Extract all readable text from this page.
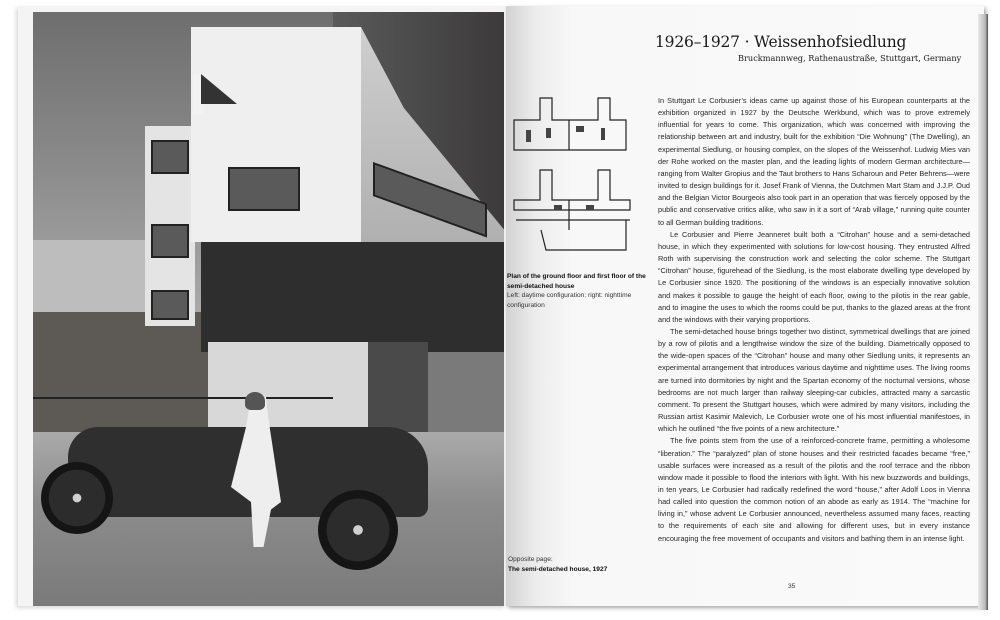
Plan of the ground floor and first floor of the semi-detached house
Left: daytime configuration; right: nighttime configuration
Opposite page:
The semi-detached house, 1927
1926–1927 · Weissenhofsiedlung
Bruckmannweg, Rathenaustraße, Stuttgart, Germany

In Stuttgart Le Corbusier’s ideas came up against those of his European counterparts at the exhibition organized in 1927 by the Deutsche Werkbund, which was to prove extremely influential for years to come. This organization, which was concerned with improving the relationship between art and industry, built for the exhibition “Die Wohnung” (The Dwelling), an experimental Siedlung, or housing complex, on the slopes of the Weissenhof. Ludwig Mies van der Rohe worked on the master plan, and the leading lights of modern German architecture—ranging from Walter Gropius and the Taut brothers to Hans Scharoun and Peter Behrens—were invited to design buildings for it. Josef Frank of Vienna, the Dutchmen Mart Stam and J.J.P. Oud and the Belgian Victor Bourgeois also took part in an operation that was fiercely opposed by the public and conservative critics alike, who saw in it a sort of “Arab village,” running quite counter to all German building traditions.

Le Corbusier and Pierre Jeanneret built both a “Citrohan” house and a semi-detached house, in which they experimented with solutions for low-cost housing. They entrusted Alfred Roth with supervising the construction work and selecting the color scheme. The Stuttgart “Citrohan” house, figurehead of the Siedlung, is the most elaborate dwelling type developed by Le Corbusier since 1920. The positioning of the windows is an especially innovative solution and makes it possible to gauge the height of each floor, owing to the pilotis in the rear gable, and to imagine the uses to which the rooms could be put, thanks to the glazed areas at the front and the windows with their varying proportions.

The semi-detached house brings together two distinct, symmetrical dwellings that are joined by a row of pilotis and a lengthwise window the size of the building. Diametrically opposed to the wide-open spaces of the “Citrohan” house and many other Siedlung units, it represents an experimental arrangement that introduces various daytime and nighttime uses. The living rooms are turned into dormitories by night and the Spartan economy of the nocturnal versions, whose bedrooms are not much larger than railway sleeping-car cubicles, attracted many a sarcastic comment. To present the Stuttgart houses, which were admired by many visitors, including the Russian artist Kasimir Malevich, Le Corbusier wrote one of his most influential manifestoes, in which he outlined “the five points of a new architecture.”

The five points stem from the use of a reinforced-concrete frame, permitting a wholesome “liberation.” The “paralyzed” plan of stone houses and their restricted facades became “free,” usable surfaces were increased as a result of the pilotis and the roof terrace and the ribbon window made it possible to flood the interiors with light. With his new buzzwords and buildings, in ten years, Le Corbusier had radically redefined the word “house,” after Adolf Loos in Vienna had called into question the common notion of an abode as early as 1914. The “machine for living in,” whose advent Le Corbusier announced, nevertheless assumed many faces, reacting to the requirements of each site and allowing for different uses, but in every instance encouraging the free movement of occupants and visitors and bathing them in an intense light.

35
